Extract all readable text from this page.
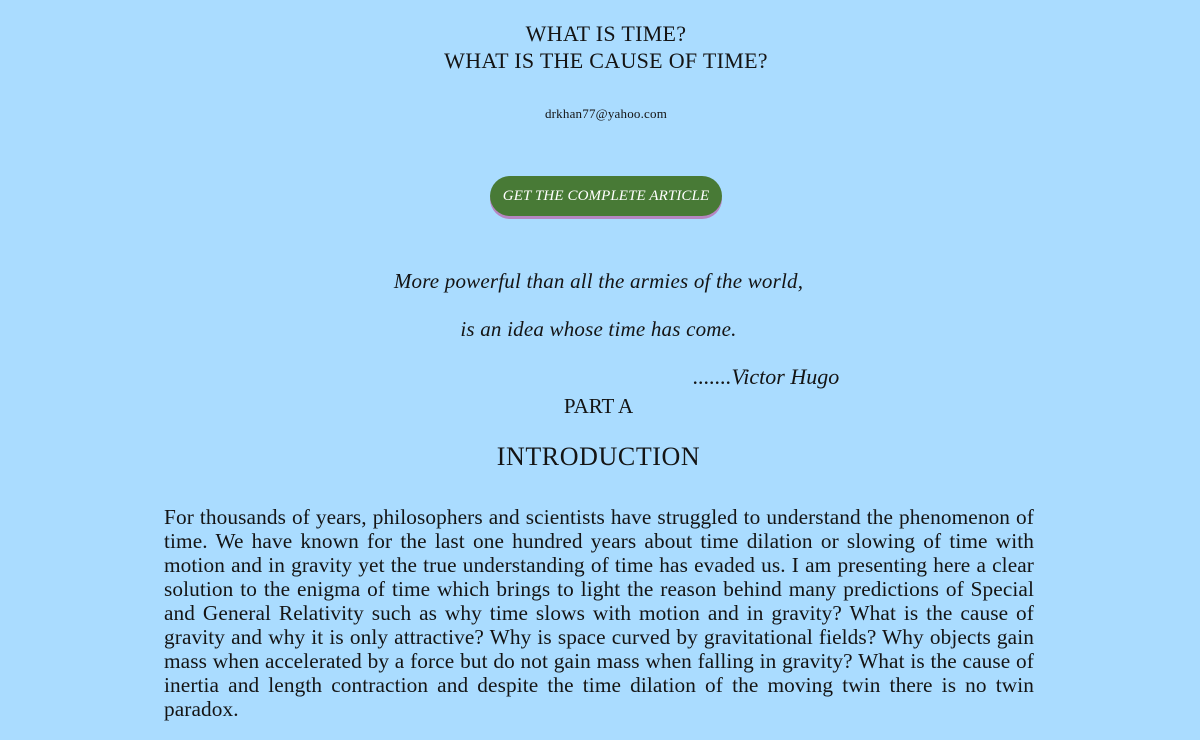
WHAT IS TIME?
WHAT IS THE CAUSE OF TIME?
drkhan77@yahoo.com
GET THE COMPLETE ARTICLE
More powerful than all the armies of the world,
is an idea whose time has come.
.......Victor Hugo
PART A
INTRODUCTION

For thousands of years, philosophers and scientists have struggled to understand the phenomenon of time. We have known for the last one hundred years about time dilation or slowing of time with motion and in gravity yet the true understanding of time has evaded us. I am presenting here a clear solution to the enigma of time which brings to light the reason behind many predictions of Special and General Relativity such as why time slows with motion and in gravity? What is the cause of gravity and why it is only attractive? Why is space curved by gravitational fields? Why objects gain mass when accelerated by a force but do not gain mass when falling in gravity? What is the cause of inertia and length contraction and despite the time dilation of the moving twin there is no twin paradox.
